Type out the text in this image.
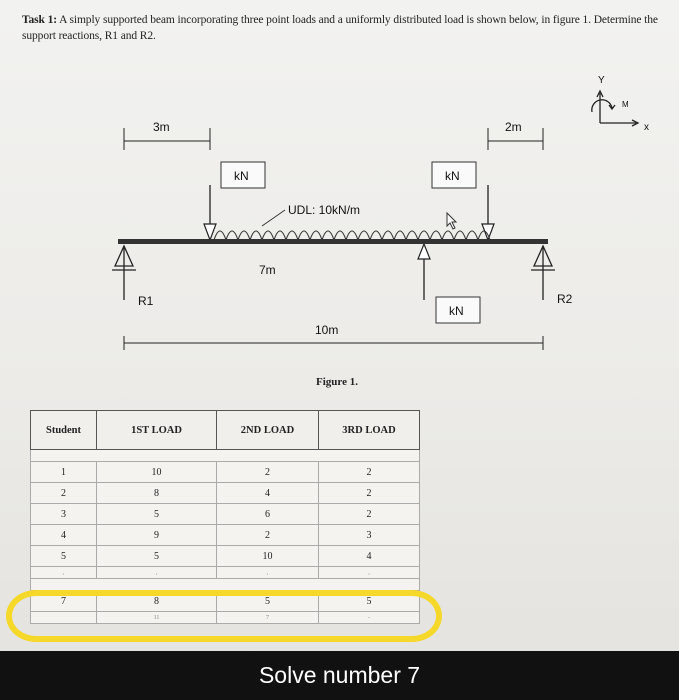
Task 1: A simply supported beam incorporating three point loads and a uniformly distributed load is shown below, in figure 1. Determine the support reactions, R1 and R2.
3m	2m
Y
M
x
kN	kN
kN
UDL: 10kN/m
R1	R2
7m
10m
Figure 1.
Student	1ST LOAD	2ND LOAD	3RD LOAD

1	10	2	2
2	8	4	2
3	5	6	2
4	9	2	3
5	5	10	4
,	,	,	,

7	8	5	5
	11	7	-
Solve number 7
